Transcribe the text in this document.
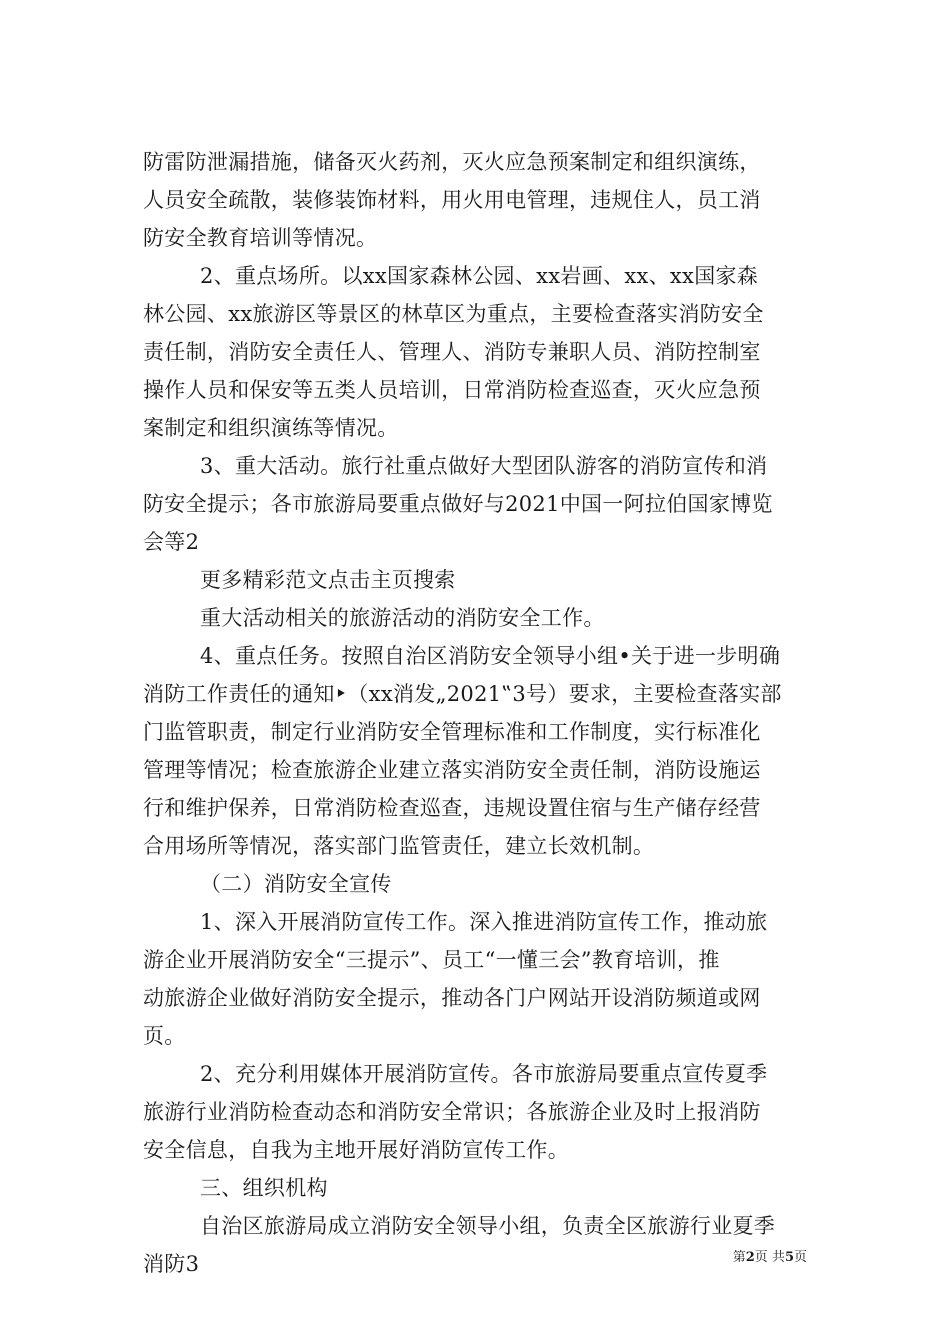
防雷防泄漏措施，储备灭火药剂，灭火应急预案制定和组织演练，
人员安全疏散，装修装饰材料，用火用电管理，违规住人，员工消
防安全教育培训等情况。
2、重点场所。以xx国家森林公园、xx岩画、xx、xx国家森
林公园、xx旅游区等景区的林草区为重点，主要检查落实消防安全
责任制，消防安全责任人、管理人、消防专兼职人员、消防控制室
操作人员和保安等五类人员培训，日常消防检查巡查，灭火应急预
案制定和组织演练等情况。
3、重大活动。旅行社重点做好大型团队游客的消防宣传和消
防安全提示；各市旅游局要重点做好与2021中国一阿拉伯国家博览
会等2
更多精彩范文点击主页搜索
重大活动相关的旅游活动的消防安全工作。
4、重点任务。按照自治区消防安全领导小组•关于进一步明确
消防工作责任的通知‣（xx消发„2021‟3号）要求，主要检查落实部
门监管职责，制定行业消防安全管理标准和工作制度，实行标准化
管理等情况；检查旅游企业建立落实消防安全责任制，消防设施运
行和维护保养，日常消防检查巡查，违规设置住宿与生产储存经营
合用场所等情况，落实部门监管责任，建立长效机制。
（二）消防安全宣传
1、深入开展消防宣传工作。深入推进消防宣传工作，推动旅
游企业开展消防安全“三提示”、员工“一懂三会”教育培训，推
动旅游企业做好消防安全提示，推动各门户网站开设消防频道或网
页。
2、充分利用媒体开展消防宣传。各市旅游局要重点宣传夏季
旅游行业消防检查动态和消防安全常识；各旅游企业及时上报消防
安全信息，自我为主地开展好消防宣传工作。
三、组织机构
自治区旅游局成立消防安全领导小组，负责全区旅游行业夏季
消防3	第2页 共5页
